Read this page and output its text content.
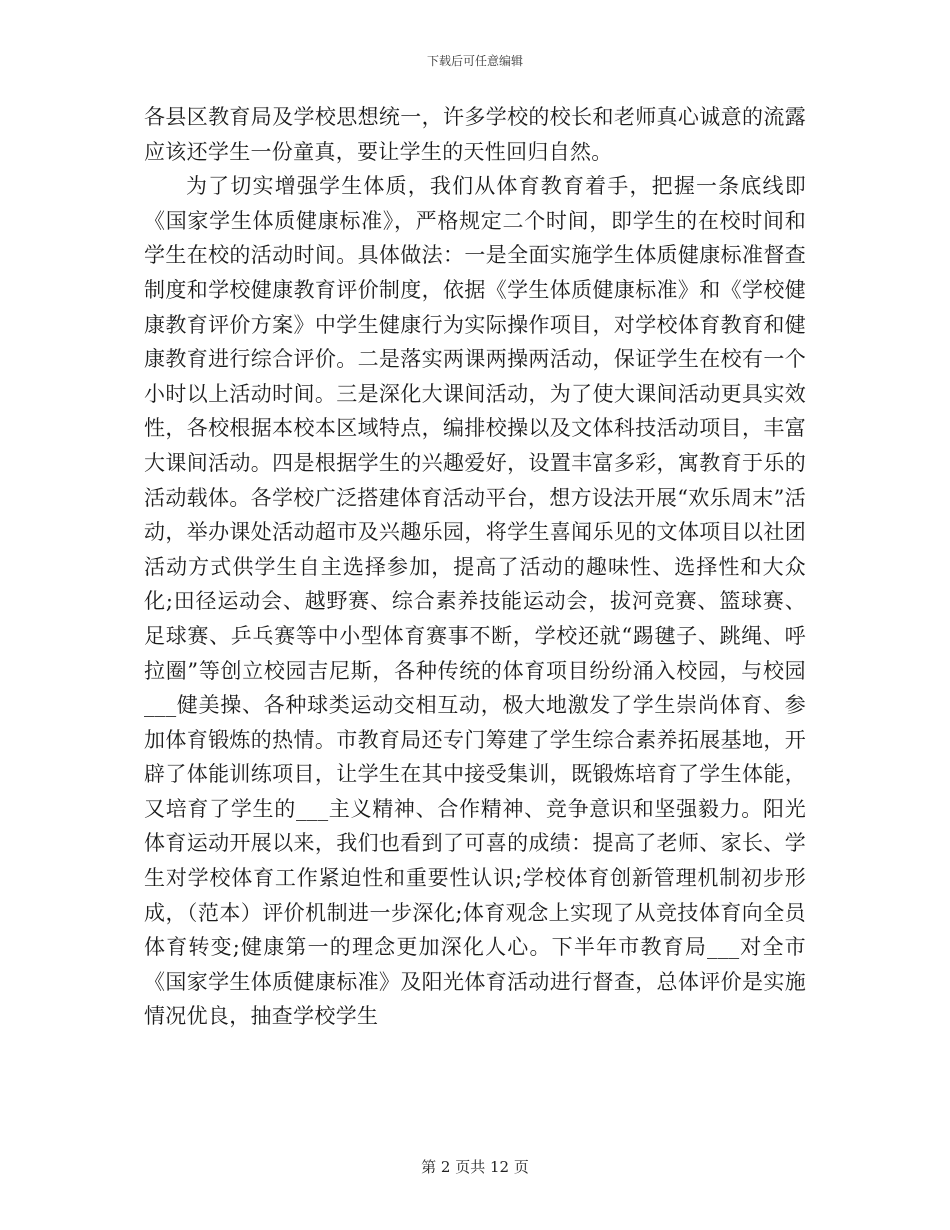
下载后可任意编辑

各县区教育局及学校思想统一，许多学校的校长和老师真心诚意的流露应该还学生一份童真，要让学生的天性回归自然。

为了切实增强学生体质，我们从体育教育着手，把握一条底线即《国家学生体质健康标准》，严格规定二个时间，即学生的在校时间和学生在校的活动时间。具体做法：一是全面实施学生体质健康标准督查制度和学校健康教育评价制度，依据《学生体质健康标准》和《学校健康教育评价方案》中学生健康行为实际操作项目，对学校体育教育和健康教育进行综合评价。二是落实两课两操两活动，保证学生在校有一个小时以上活动时间。三是深化大课间活动，为了使大课间活动更具实效性，各校根据本校本区域特点，编排校操以及文体科技活动项目，丰富大课间活动。四是根据学生的兴趣爱好，设置丰富多彩，寓教育于乐的活动载体。各学校广泛搭建体育活动平台，想方设法开展“欢乐周末”活动，举办课处活动超市及兴趣乐园，将学生喜闻乐见的文体项目以社团活动方式供学生自主选择参加，提高了活动的趣味性、选择性和大众化;田径运动会、越野赛、综合素养技能运动会，拔河竞赛、篮球赛、足球赛、乒乓赛等中小型体育赛事不断，学校还就“踢毽子、跳绳、呼拉圈”等创立校园吉尼斯，各种传统的体育项目纷纷涌入校园，与校园___健美操、各种球类运动交相互动，极大地激发了学生崇尚体育、参加体育锻炼的热情。市教育局还专门筹建了学生综合素养拓展基地，开辟了体能训练项目，让学生在其中接受集训，既锻炼培育了学生体能，又培育了学生的___主义精神、合作精神、竞争意识和坚强毅力。阳光体育运动开展以来，我们也看到了可喜的成绩：提高了老师、家长、学生对学校体育工作紧迫性和重要性认识;学校体育创新管理机制初步形成，（范本）评价机制进一步深化;体育观念上实现了从竞技体育向全员体育转变;健康第一的理念更加深化人心。下半年市教育局___对全市《国家学生体质健康标准》及阳光体育活动进行督查，总体评价是实施情况优良，抽查学校学生

第 2 页共 12 页
